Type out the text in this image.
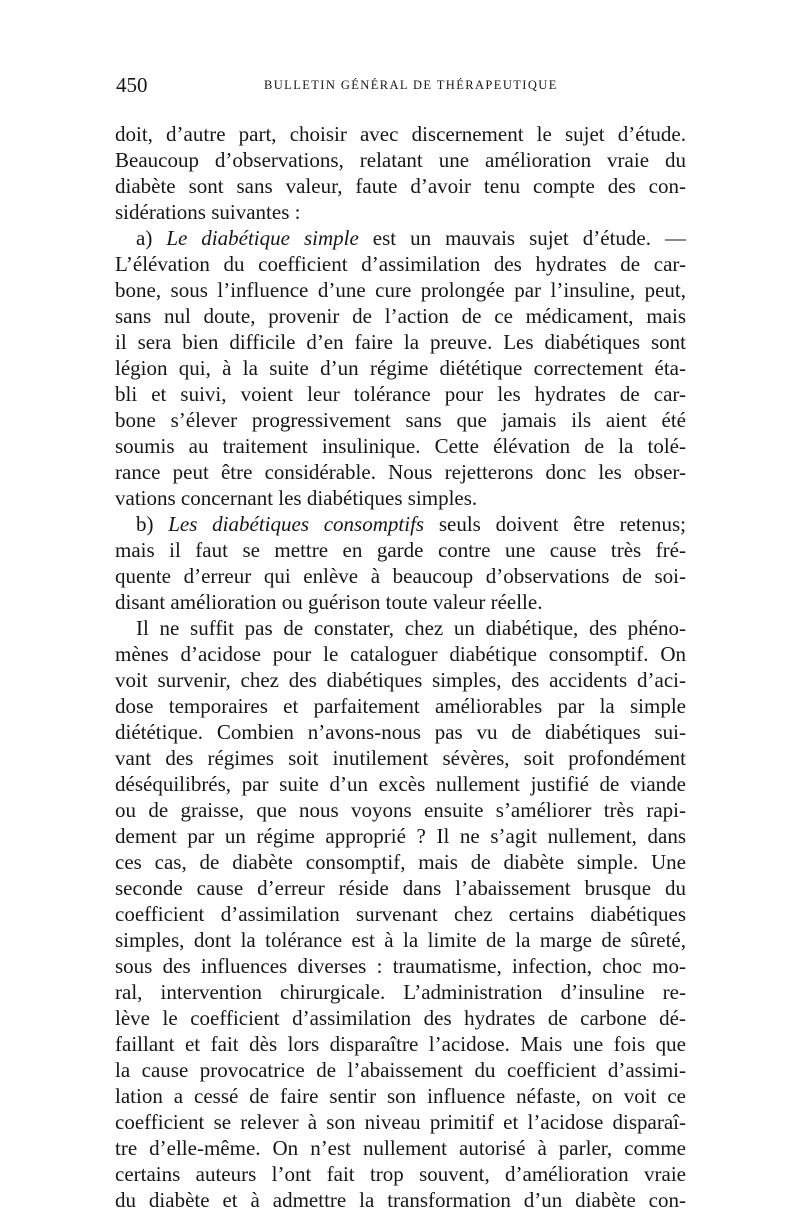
450	BULLETIN GÉNÉRAL DE THÉRAPEUTIQUE
doit, d’autre part, choisir avec discernement le sujet d’étude.
Beaucoup d’observations, relatant une amélioration vraie du
diabète sont sans valeur, faute d’avoir tenu compte des con-
sidérations suivantes :
a) Le diabétique simple est un mauvais sujet d’étude. —
L’élévation du coefficient d’assimilation des hydrates de car-
bone, sous l’influence d’une cure prolongée par l’insuline, peut,
sans nul doute, provenir de l’action de ce médicament, mais
il sera bien difficile d’en faire la preuve. Les diabétiques sont
légion qui, à la suite d’un régime diététique correctement éta-
bli et suivi, voient leur tolérance pour les hydrates de car-
bone s’élever progressivement sans que jamais ils aient été
soumis au traitement insulinique. Cette élévation de la tolé-
rance peut être considérable. Nous rejetterons donc les obser-
vations concernant les diabétiques simples.
b) Les diabétiques consomptifs seuls doivent être retenus;
mais il faut se mettre en garde contre une cause très fré-
quente d’erreur qui enlève à beaucoup d’observations de soi-
disant amélioration ou guérison toute valeur réelle.
Il ne suffit pas de constater, chez un diabétique, des phéno-
mènes d’acidose pour le cataloguer diabétique consomptif. On
voit survenir, chez des diabétiques simples, des accidents d’aci-
dose temporaires et parfaitement améliorables par la simple
diététique. Combien n’avons-nous pas vu de diabétiques sui-
vant des régimes soit inutilement sévères, soit profondément
déséquilibrés, par suite d’un excès nullement justifié de viande
ou de graisse, que nous voyons ensuite s’améliorer très rapi-
dement par un régime approprié ? Il ne s’agit nullement, dans
ces cas, de diabète consomptif, mais de diabète simple. Une
seconde cause d’erreur réside dans l’abaissement brusque du
coefficient d’assimilation survenant chez certains diabétiques
simples, dont la tolérance est à la limite de la marge de sûreté,
sous des influences diverses : traumatisme, infection, choc mo-
ral, intervention chirurgicale. L’administration d’insuline re-
lève le coefficient d’assimilation des hydrates de carbone dé-
faillant et fait dès lors disparaître l’acidose. Mais une fois que
la cause provocatrice de l’abaissement du coefficient d’assimi-
lation a cessé de faire sentir son influence néfaste, on voit ce
coefficient se relever à son niveau primitif et l’acidose disparaî-
tre d’elle-même. On n’est nullement autorisé à parler, comme
certains auteurs l’ont fait trop souvent, d’amélioration vraie
du diabète et à admettre la transformation d’un diabète con-
